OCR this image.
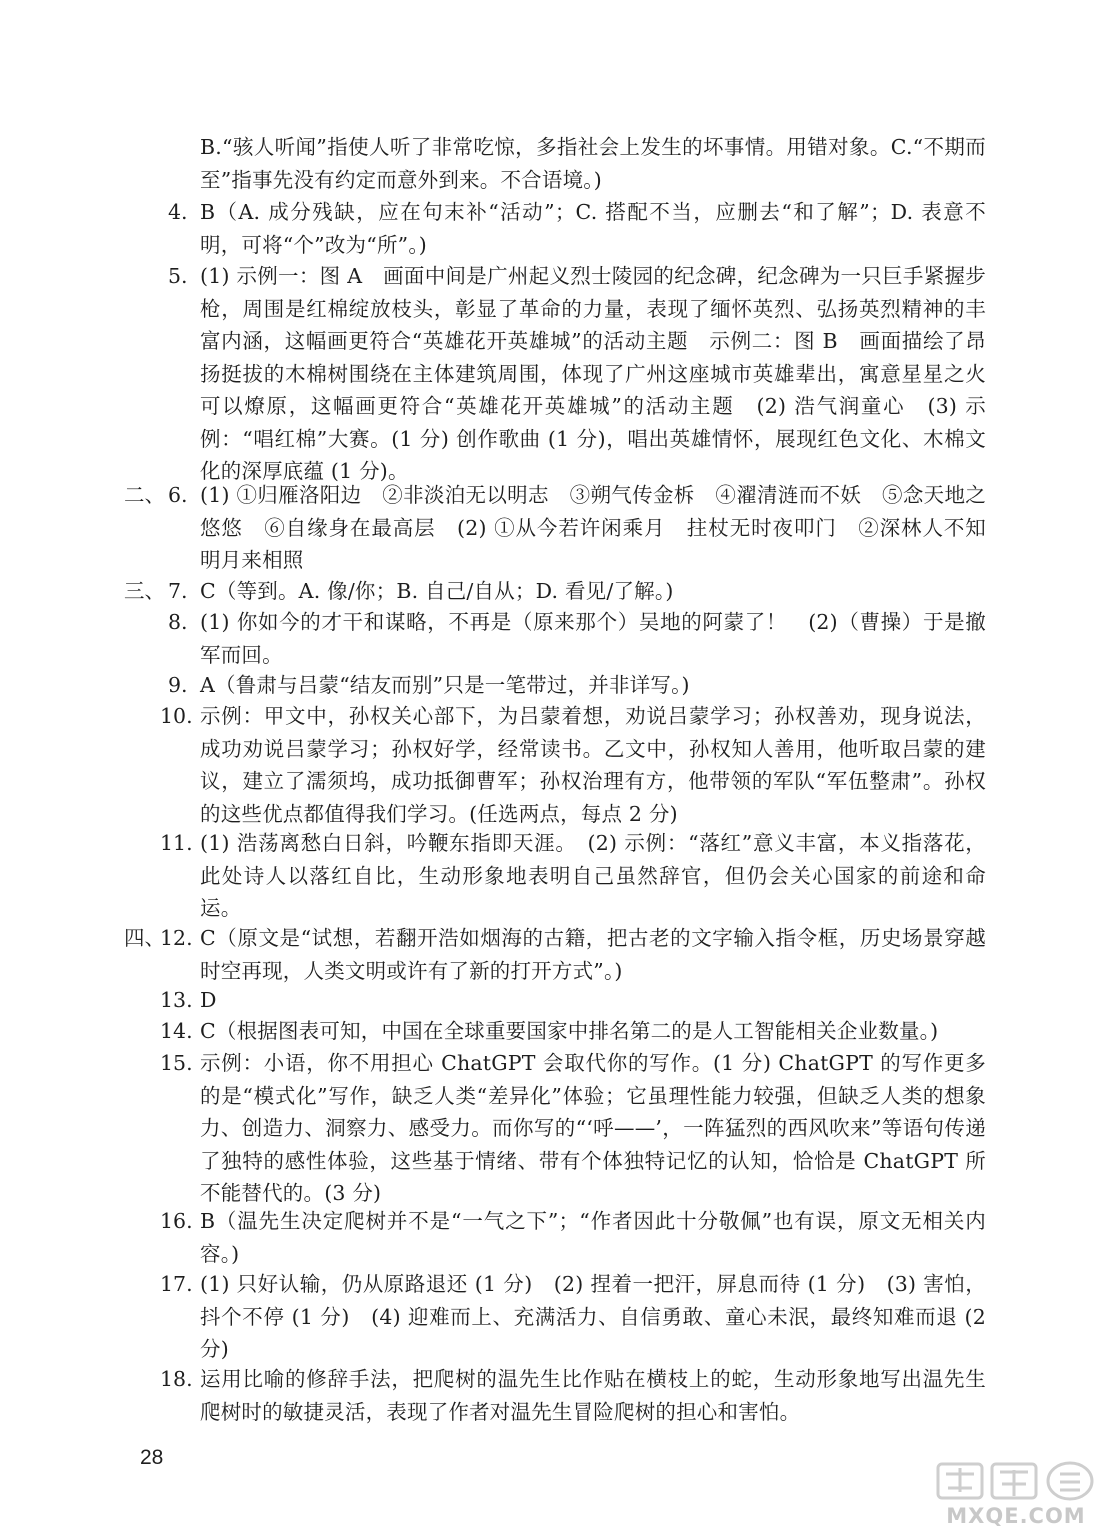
B.“骇人听闻”指使人听了非常吃惊，多指社会上发生的坏事情。用错对象。C.“不期而至”指事先没有约定而意外到来。不合语境。)
4. B（A. 成分残缺，应在句末补“活动”；C. 搭配不当，应删去“和了解”；D. 表意不明，可将“个”改为“所”。)
5. (1) 示例一：图 A　画面中间是广州起义烈士陵园的纪念碑，纪念碑为一只巨手紧握步枪，周围是红棉绽放枝头，彰显了革命的力量，表现了缅怀英烈、弘扬英烈精神的丰富内涵，这幅画更符合“英雄花开英雄城”的活动主题　示例二：图 B　画面描绘了昂扬挺拔的木棉树围绕在主体建筑周围，体现了广州这座城市英雄辈出，寓意星星之火可以燎原，这幅画更符合“英雄花开英雄城”的活动主题　(2) 浩气润童心　(3) 示例：“唱红棉”大赛。(1 分) 创作歌曲 (1 分)，唱出英雄情怀，展现红色文化、木棉文化的深厚底蕴 (1 分)。
二、 6. (1) ①归雁洛阳边　②非淡泊无以明志　③朔气传金柝　④濯清涟而不妖　⑤念天地之悠悠　⑥自缘身在最高层　(2) ①从今若许闲乘月　拄杖无时夜叩门　②深林人不知　明月来相照
三、 7. C（等到。A. 像/你；B. 自己/自从；D. 看见/了解。)
8. (1) 你如今的才干和谋略，不再是（原来那个）吴地的阿蒙了！　(2)（曹操）于是撤军而回。
9. A（鲁肃与吕蒙“结友而别”只是一笔带过，并非详写。)
10. 示例：甲文中，孙权关心部下，为吕蒙着想，劝说吕蒙学习；孙权善劝，现身说法，成功劝说吕蒙学习；孙权好学，经常读书。乙文中，孙权知人善用，他听取吕蒙的建议，建立了濡须坞，成功抵御曹军；孙权治理有方，他带领的军队“军伍整肃”。孙权的这些优点都值得我们学习。(任选两点，每点 2 分)
11. (1) 浩荡离愁白日斜，吟鞭东指即天涯。　(2) 示例：“落红”意义丰富，本义指落花，此处诗人以落红自比，生动形象地表明自己虽然辞官，但仍会关心国家的前途和命运。
四、
12. C（原文是“试想，若翻开浩如烟海的古籍，把古老的文字输入指令框，历史场景穿越时空再现，人类文明或许有了新的打开方式”。)
13. D
14. C（根据图表可知，中国在全球重要国家中排名第二的是人工智能相关企业数量。)
15. 示例：小语，你不用担心 ChatGPT 会取代你的写作。(1 分) ChatGPT 的写作更多的是“模式化”写作，缺乏人类“差异化”体验；它虽理性能力较强，但缺乏人类的想象力、创造力、洞察力、感受力。而你写的“‘呼——’，一阵猛烈的西风吹来”等语句传递了独特的感性体验，这些基于情绪、带有个体独特记忆的认知，恰恰是 ChatGPT 所不能替代的。(3 分)
16. B（温先生决定爬树并不是“一气之下”；“作者因此十分敬佩”也有误，原文无相关内容。)
17. (1) 只好认输，仍从原路退还 (1 分)　(2) 捏着一把汗，屏息而待 (1 分)　(3) 害怕，抖个不停 (1 分)　(4) 迎难而上、充满活力、自信勇敢、童心未泯，最终知难而退 (2 分)
18. 运用比喻的修辞手法，把爬树的温先生比作贴在横枝上的蛇，生动形象地写出温先生爬树时的敏捷灵活，表现了作者对温先生冒险爬树的担心和害怕。
28
MXQE.COM
